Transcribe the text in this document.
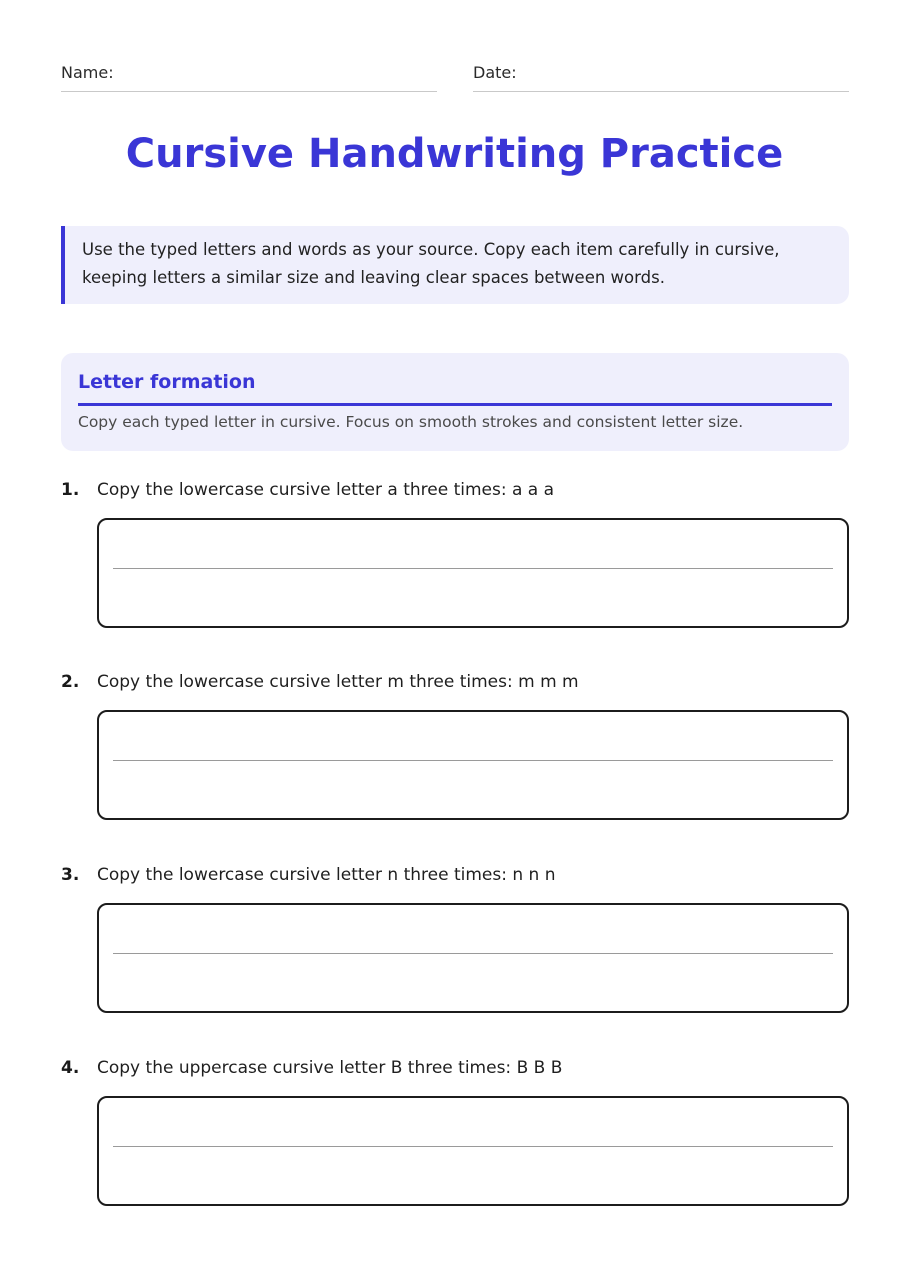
Name:	Date:
Cursive Handwriting Practice
Use the typed letters and words as your source. Copy each item carefully in cursive, keeping letters a similar size and leaving clear spaces between words.
Letter formation
Copy each typed letter in cursive. Focus on smooth strokes and consistent letter size.
1. Copy the lowercase cursive letter a three times: a a a
2. Copy the lowercase cursive letter m three times: m m m
3. Copy the lowercase cursive letter n three times: n n n
4. Copy the uppercase cursive letter B three times: B B B
